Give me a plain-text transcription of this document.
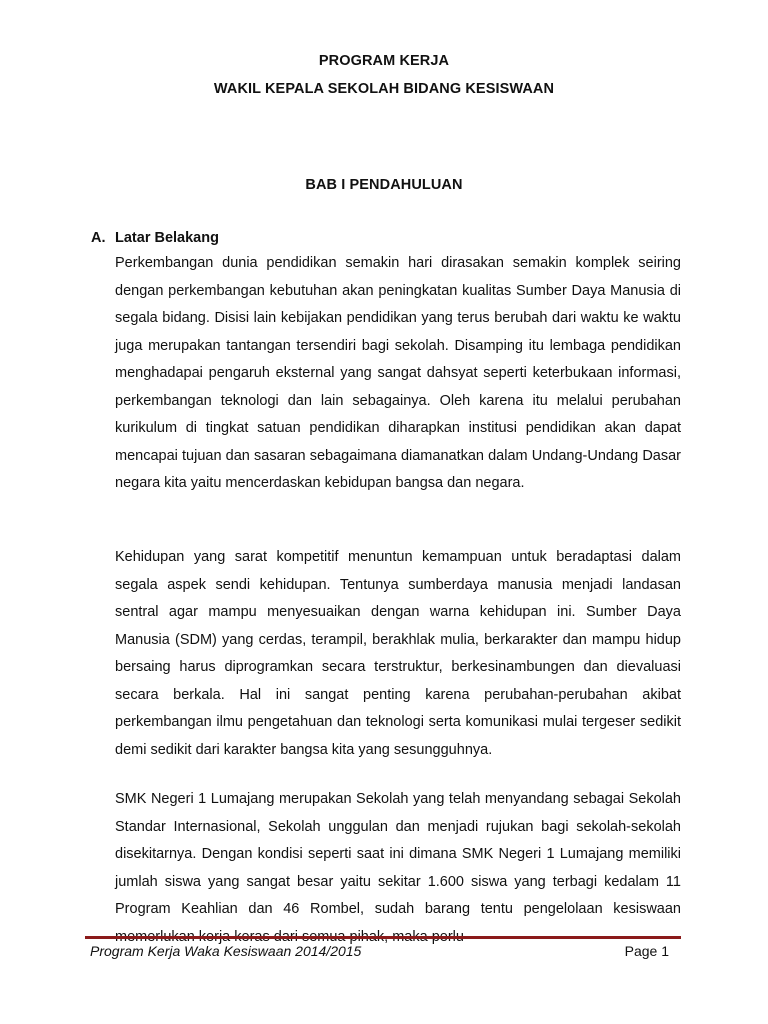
PROGRAM KERJA
WAKIL KEPALA SEKOLAH BIDANG KESISWAAN
BAB I PENDAHULUAN
A. Latar Belakang

Perkembangan dunia pendidikan semakin hari dirasakan semakin komplek seiring dengan perkembangan kebutuhan akan peningkatan kualitas Sumber Daya Manusia di segala bidang. Disisi lain kebijakan pendidikan yang terus berubah dari waktu ke waktu juga merupakan tantangan tersendiri bagi sekolah. Disamping itu lembaga pendidikan menghadapai pengaruh eksternal yang sangat dahsyat seperti keterbukaan informasi, perkembangan teknologi dan lain sebagainya. Oleh karena itu melalui perubahan kurikulum di tingkat satuan pendidikan diharapkan institusi pendidikan akan dapat mencapai tujuan dan sasaran sebagaimana diamanatkan dalam Undang-Undang Dasar negara kita yaitu mencerdaskan kebidupan bangsa dan negara.

Kehidupan yang sarat kompetitif menuntun kemampuan untuk beradaptasi dalam segala aspek sendi kehidupan. Tentunya sumberdaya manusia menjadi landasan sentral agar mampu menyesuaikan dengan warna kehidupan ini. Sumber Daya Manusia (SDM) yang cerdas, terampil, berakhlak mulia, berkarakter dan mampu hidup bersaing harus diprogramkan secara terstruktur, berkesinambungen dan dievaluasi secara berkala. Hal ini sangat penting karena perubahan-perubahan akibat perkembangan ilmu pengetahuan dan teknologi serta komunikasi mulai tergeser sedikit demi sedikit dari karakter bangsa kita yang sesungguhnya.

SMK Negeri 1 Lumajang merupakan Sekolah yang telah menyandang sebagai Sekolah Standar Internasional, Sekolah unggulan dan menjadi rujukan bagi sekolah-sekolah disekitarnya. Dengan kondisi seperti saat ini dimana SMK Negeri 1 Lumajang memiliki jumlah siswa yang sangat besar yaitu sekitar 1.600 siswa yang terbagi kedalam 11 Program Keahlian dan 46 Rombel, sudah barang tentu pengelolaan kesiswaan

Program Kerja Waka Kesiswaan 2014/2015	Page 1
